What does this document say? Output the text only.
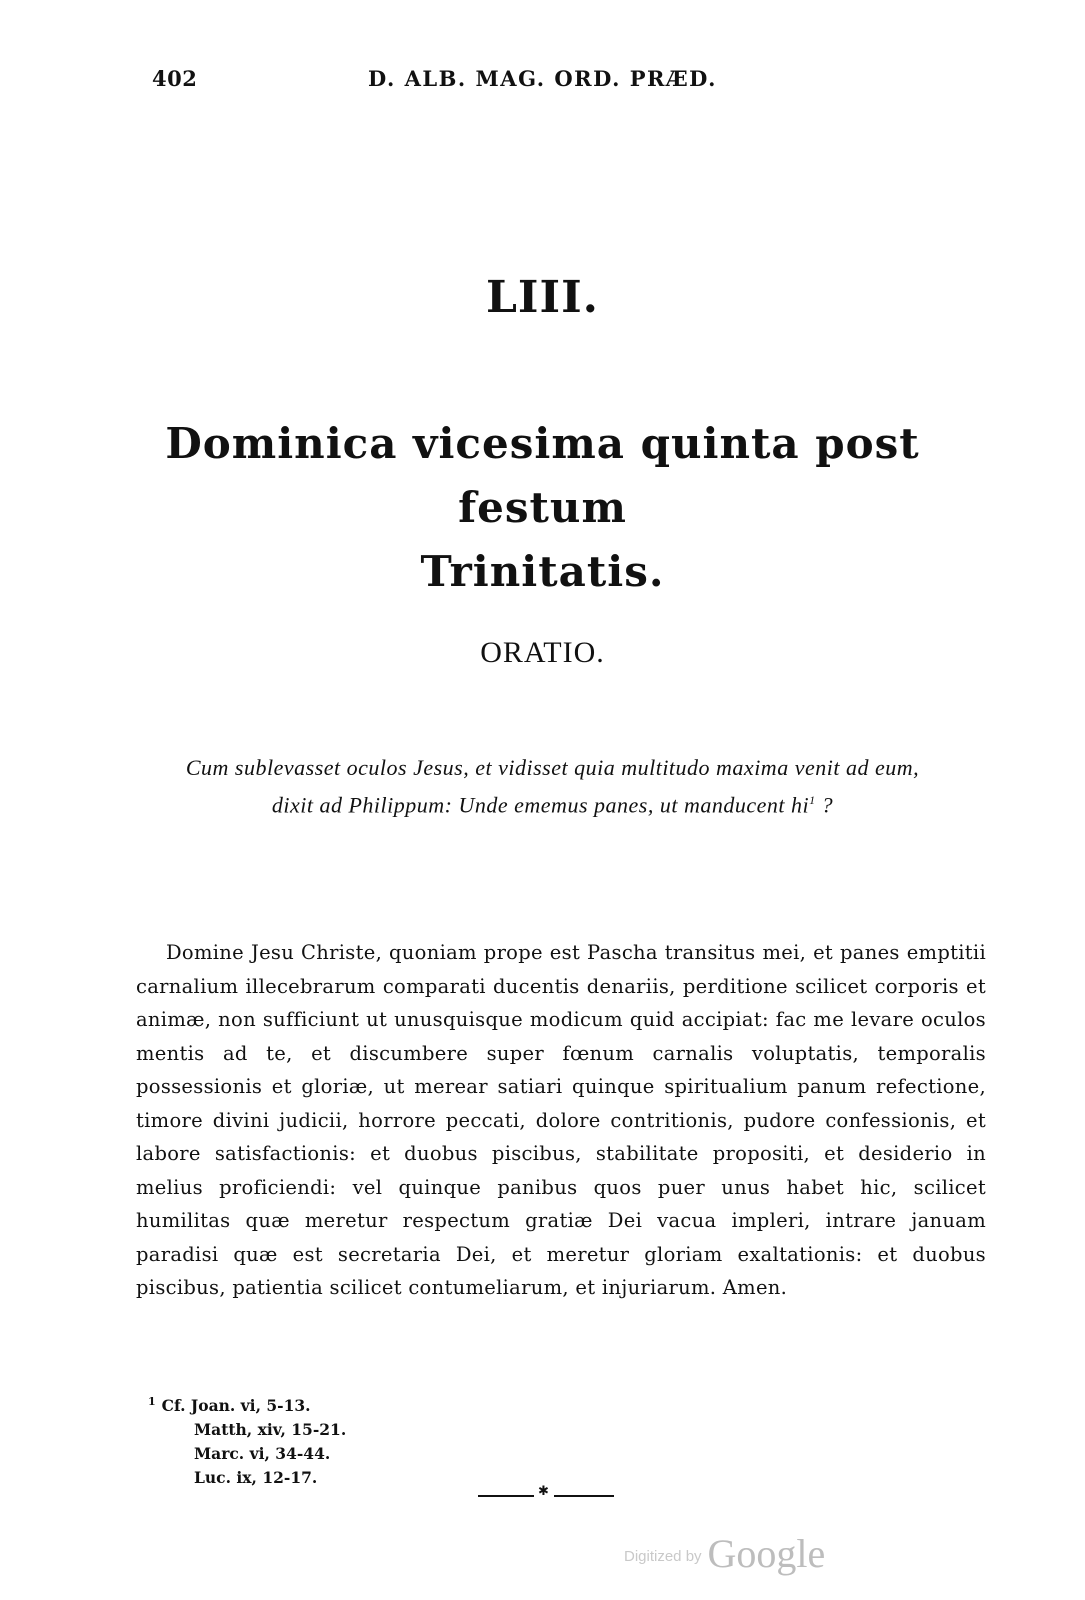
402	D. ALB. MAG. ORD. PRÆD.
LIII.
Dominica vicesima quinta post festum
Trinitatis.
ORATIO.
Cum sublevasset oculos Jesus, et vidisset quia multitudo maxima venit ad eum,
dixit ad Philippum: Unde ememus panes, ut manducent $hi^1$ ?
Domine Jesu Christe, quoniam prope est Pascha transitus mei, et panes emptitii carnalium illecebrarum comparati ducentis denariis, perditione scilicet corporis et animæ, non sufficiunt ut unusquisque modicum quid accipiat: fac me levare oculos mentis ad te, et discumbere super fœnum carnalis voluptatis, temporalis possessionis et gloriæ, ut merear satiari quinque spiritualium panum refectione, timore divini judicii, horrore peccati, dolore contritionis, pudore confessionis, et labore satisfactionis: et duobus piscibus, stabilitate propositi, et desiderio in melius proficiendi: vel quinque panibus quos puer unus habet hic, scilicet humilitas quæ meretur respectum gratiæ Dei vacua impleri, intrare januam paradisi quæ est secretaria Dei, et meretur gloriam exaltationis: et duobus piscibus, patientia scilicet contumeliarum, et injuriarum. Amen.
$^1$ Cf. Joan. vi, 5-13.
Matth, xiv, 15-21.
Marc. vi, 34-44.
Luc. ix, 12-17.
✱
Digitized by Google
